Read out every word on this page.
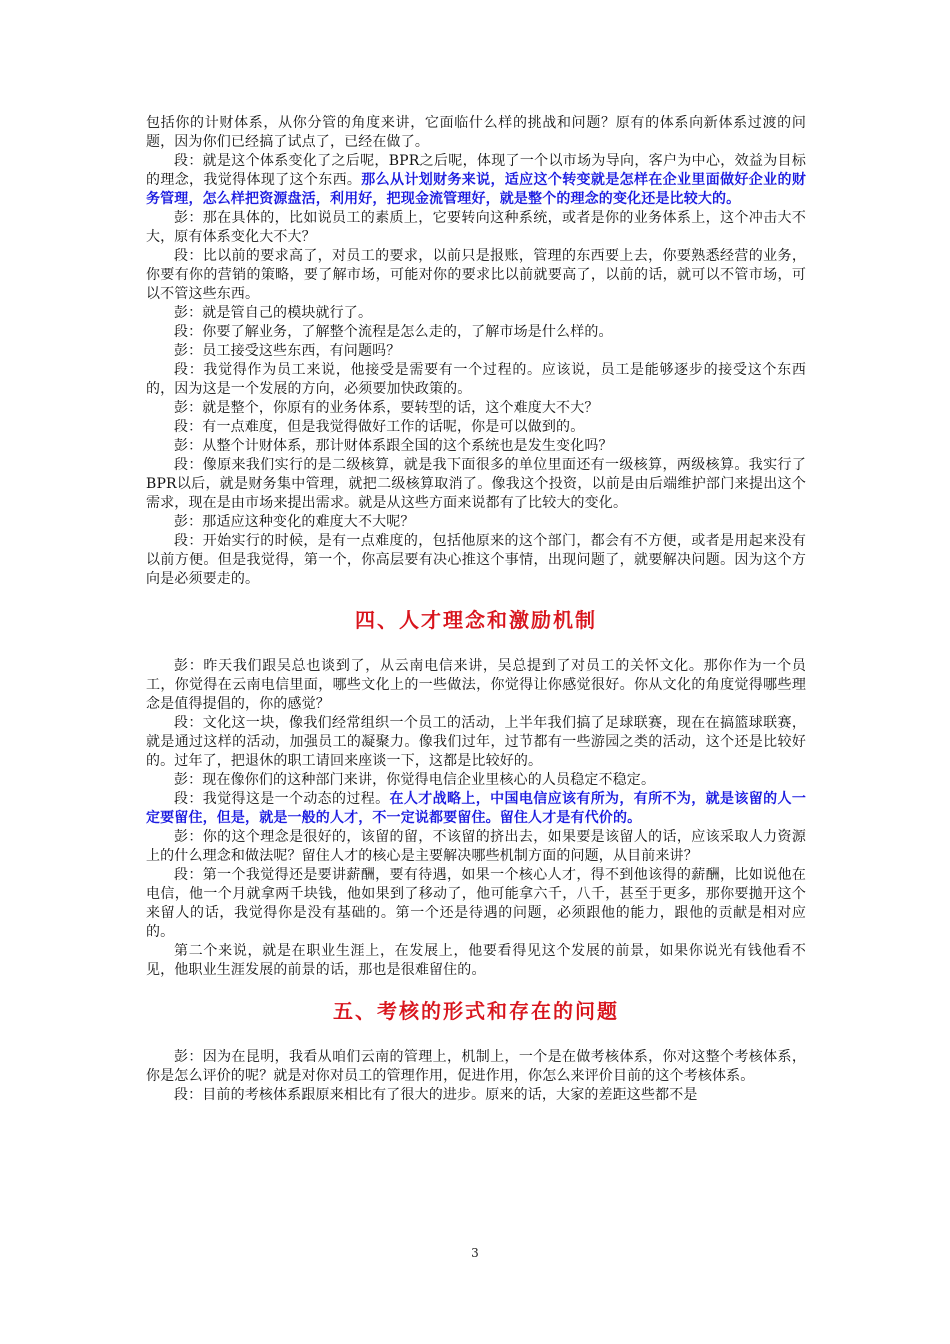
包括你的计财体系，从你分管的角度来讲，它面临什么样的挑战和问题？原有的体系向新体系过渡的问题，因为你们已经搞了试点了，已经在做了。

段：就是这个体系变化了之后呢，BPR之后呢，体现了一个以市场为导向，客户为中心，效益为目标的理念，我觉得体现了这个东西。那么从计划财务来说，适应这个转变就是怎样在企业里面做好企业的财务管理，怎么样把资源盘活，利用好，把现金流管理好，就是整个的理念的变化还是比较大的。

彭：那在具体的，比如说员工的素质上，它要转向这种系统，或者是你的业务体系上，这个冲击大不大，原有体系变化大不大？

段：比以前的要求高了，对员工的要求，以前只是报账，管理的东西要上去，你要熟悉经营的业务，你要有你的营销的策略，要了解市场，可能对你的要求比以前就要高了，以前的话，就可以不管市场，可以不管这些东西。

彭：就是管自己的模块就行了。

段：你要了解业务，了解整个流程是怎么走的，了解市场是什么样的。

彭：员工接受这些东西，有问题吗？

段：我觉得作为员工来说，他接受是需要有一个过程的。应该说，员工是能够逐步的接受这个东西的，因为这是一个发展的方向，必须要加快政策的。

彭：就是整个，你原有的业务体系，要转型的话，这个难度大不大？

段：有一点难度，但是我觉得做好工作的话呢，你是可以做到的。

彭：从整个计财体系，那计财体系跟全国的这个系统也是发生变化吗？

段：像原来我们实行的是二级核算，就是我下面很多的单位里面还有一级核算，两级核算。我实行了BPR以后，就是财务集中管理，就把二级核算取消了。像我这个投资，以前是由后端维护部门来提出这个需求，现在是由市场来提出需求。就是从这些方面来说都有了比较大的变化。

彭：那适应这种变化的难度大不大呢？

段：开始实行的时候，是有一点难度的，包括他原来的这个部门，都会有不方便，或者是用起来没有以前方便。但是我觉得，第一个，你高层要有决心推这个事情，出现问题了，就要解决问题。因为这个方向是必须要走的。

四、人才理念和激励机制

彭：昨天我们跟吴总也谈到了，从云南电信来讲，吴总提到了对员工的关怀文化。那你作为一个员工，你觉得在云南电信里面，哪些文化上的一些做法，你觉得让你感觉很好。你从文化的角度觉得哪些理念是值得提倡的，你的感觉？

段：文化这一块，像我们经常组织一个员工的活动，上半年我们搞了足球联赛，现在在搞篮球联赛，就是通过这样的活动，加强员工的凝聚力。像我们过年，过节都有一些游园之类的活动，这个还是比较好的。过年了，把退休的职工请回来座谈一下，这都是比较好的。

彭：现在像你们的这种部门来讲，你觉得电信企业里核心的人员稳定不稳定。

段：我觉得这是一个动态的过程。在人才战略上，中国电信应该有所为，有所不为，就是该留的人一定要留住，但是，就是一般的人才，不一定说都要留住。留住人才是有代价的。

彭：你的这个理念是很好的，该留的留，不该留的挤出去，如果要是该留人的话，应该采取人力资源上的什么理念和做法呢？留住人才的核心是主要解决哪些机制方面的问题，从目前来讲？

段：第一个我觉得还是要讲薪酬，要有待遇，如果一个核心人才，得不到他该得的薪酬，比如说他在电信，他一个月就拿两千块钱，他如果到了移动了，他可能拿六千，八千，甚至于更多，那你要拋开这个来留人的话，我觉得你是没有基础的。第一个还是待遇的问题，必须跟他的能力，跟他的贡献是相对应的。

第二个来说，就是在职业生涯上，在发展上，他要看得见这个发展的前景，如果你说光有钱他看不见，他职业生涯发展的前景的话，那也是很难留住的。

五、考核的形式和存在的问题

彭：因为在昆明，我看从咱们云南的管理上，机制上，一个是在做考核体系，你对这整个考核体系，你是怎么评价的呢？就是对你对员工的管理作用，促进作用，你怎么来评价目前的这个考核体系。

段：目前的考核体系跟原来相比有了很大的进步。原来的话，大家的差距这些都不是

3
